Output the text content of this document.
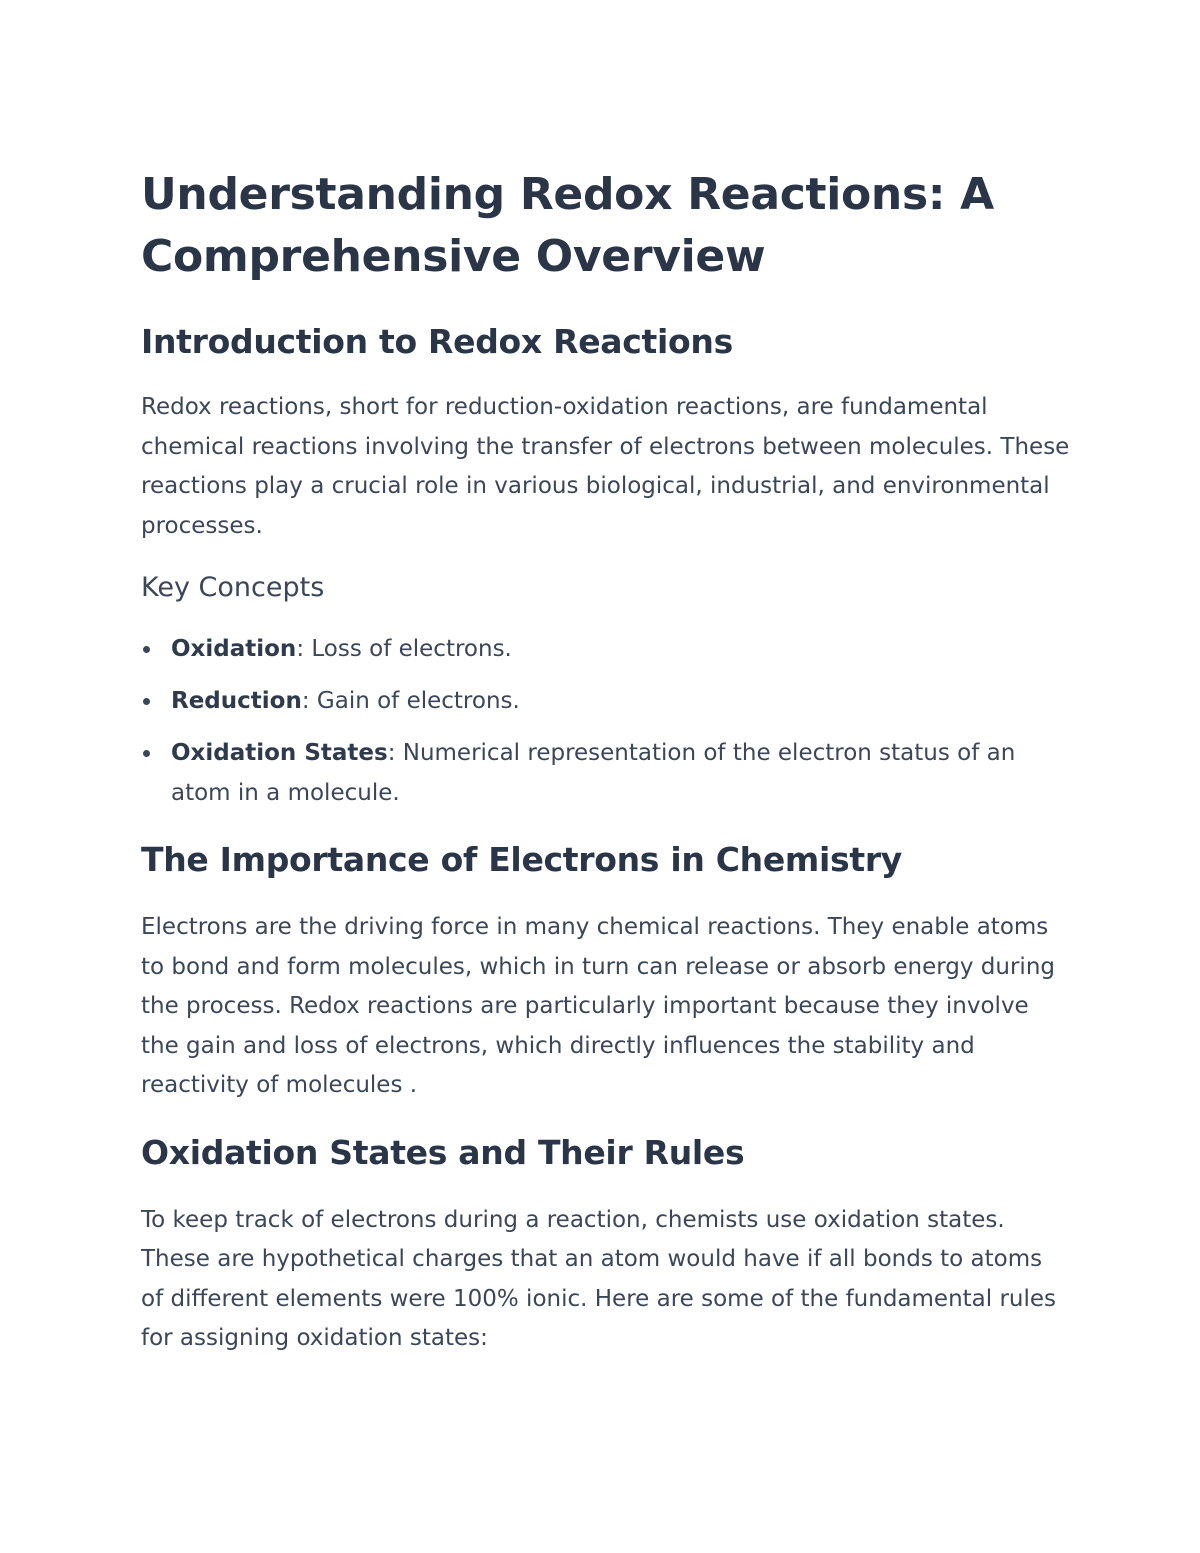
Understanding Redox Reactions: A Comprehensive Overview
Introduction to Redox Reactions

Redox reactions, short for reduction-oxidation reactions, are fundamental chemical reactions involving the transfer of electrons between molecules. These reactions play a crucial role in various biological, industrial, and environmental processes.

Key Concepts
Oxidation: Loss of electrons.
Reduction: Gain of electrons.
Oxidation States: Numerical representation of the electron status of an atom in a molecule.
The Importance of Electrons in Chemistry

Electrons are the driving force in many chemical reactions. They enable atoms to bond and form molecules, which in turn can release or absorb energy during the process. Redox reactions are particularly important because they involve the gain and loss of electrons, which directly influences the stability and reactivity of molecules .

Oxidation States and Their Rules

To keep track of electrons during a reaction, chemists use oxidation states. These are hypothetical charges that an atom would have if all bonds to atoms of different elements were 100% ionic. Here are some of the fundamental rules for assigning oxidation states:
